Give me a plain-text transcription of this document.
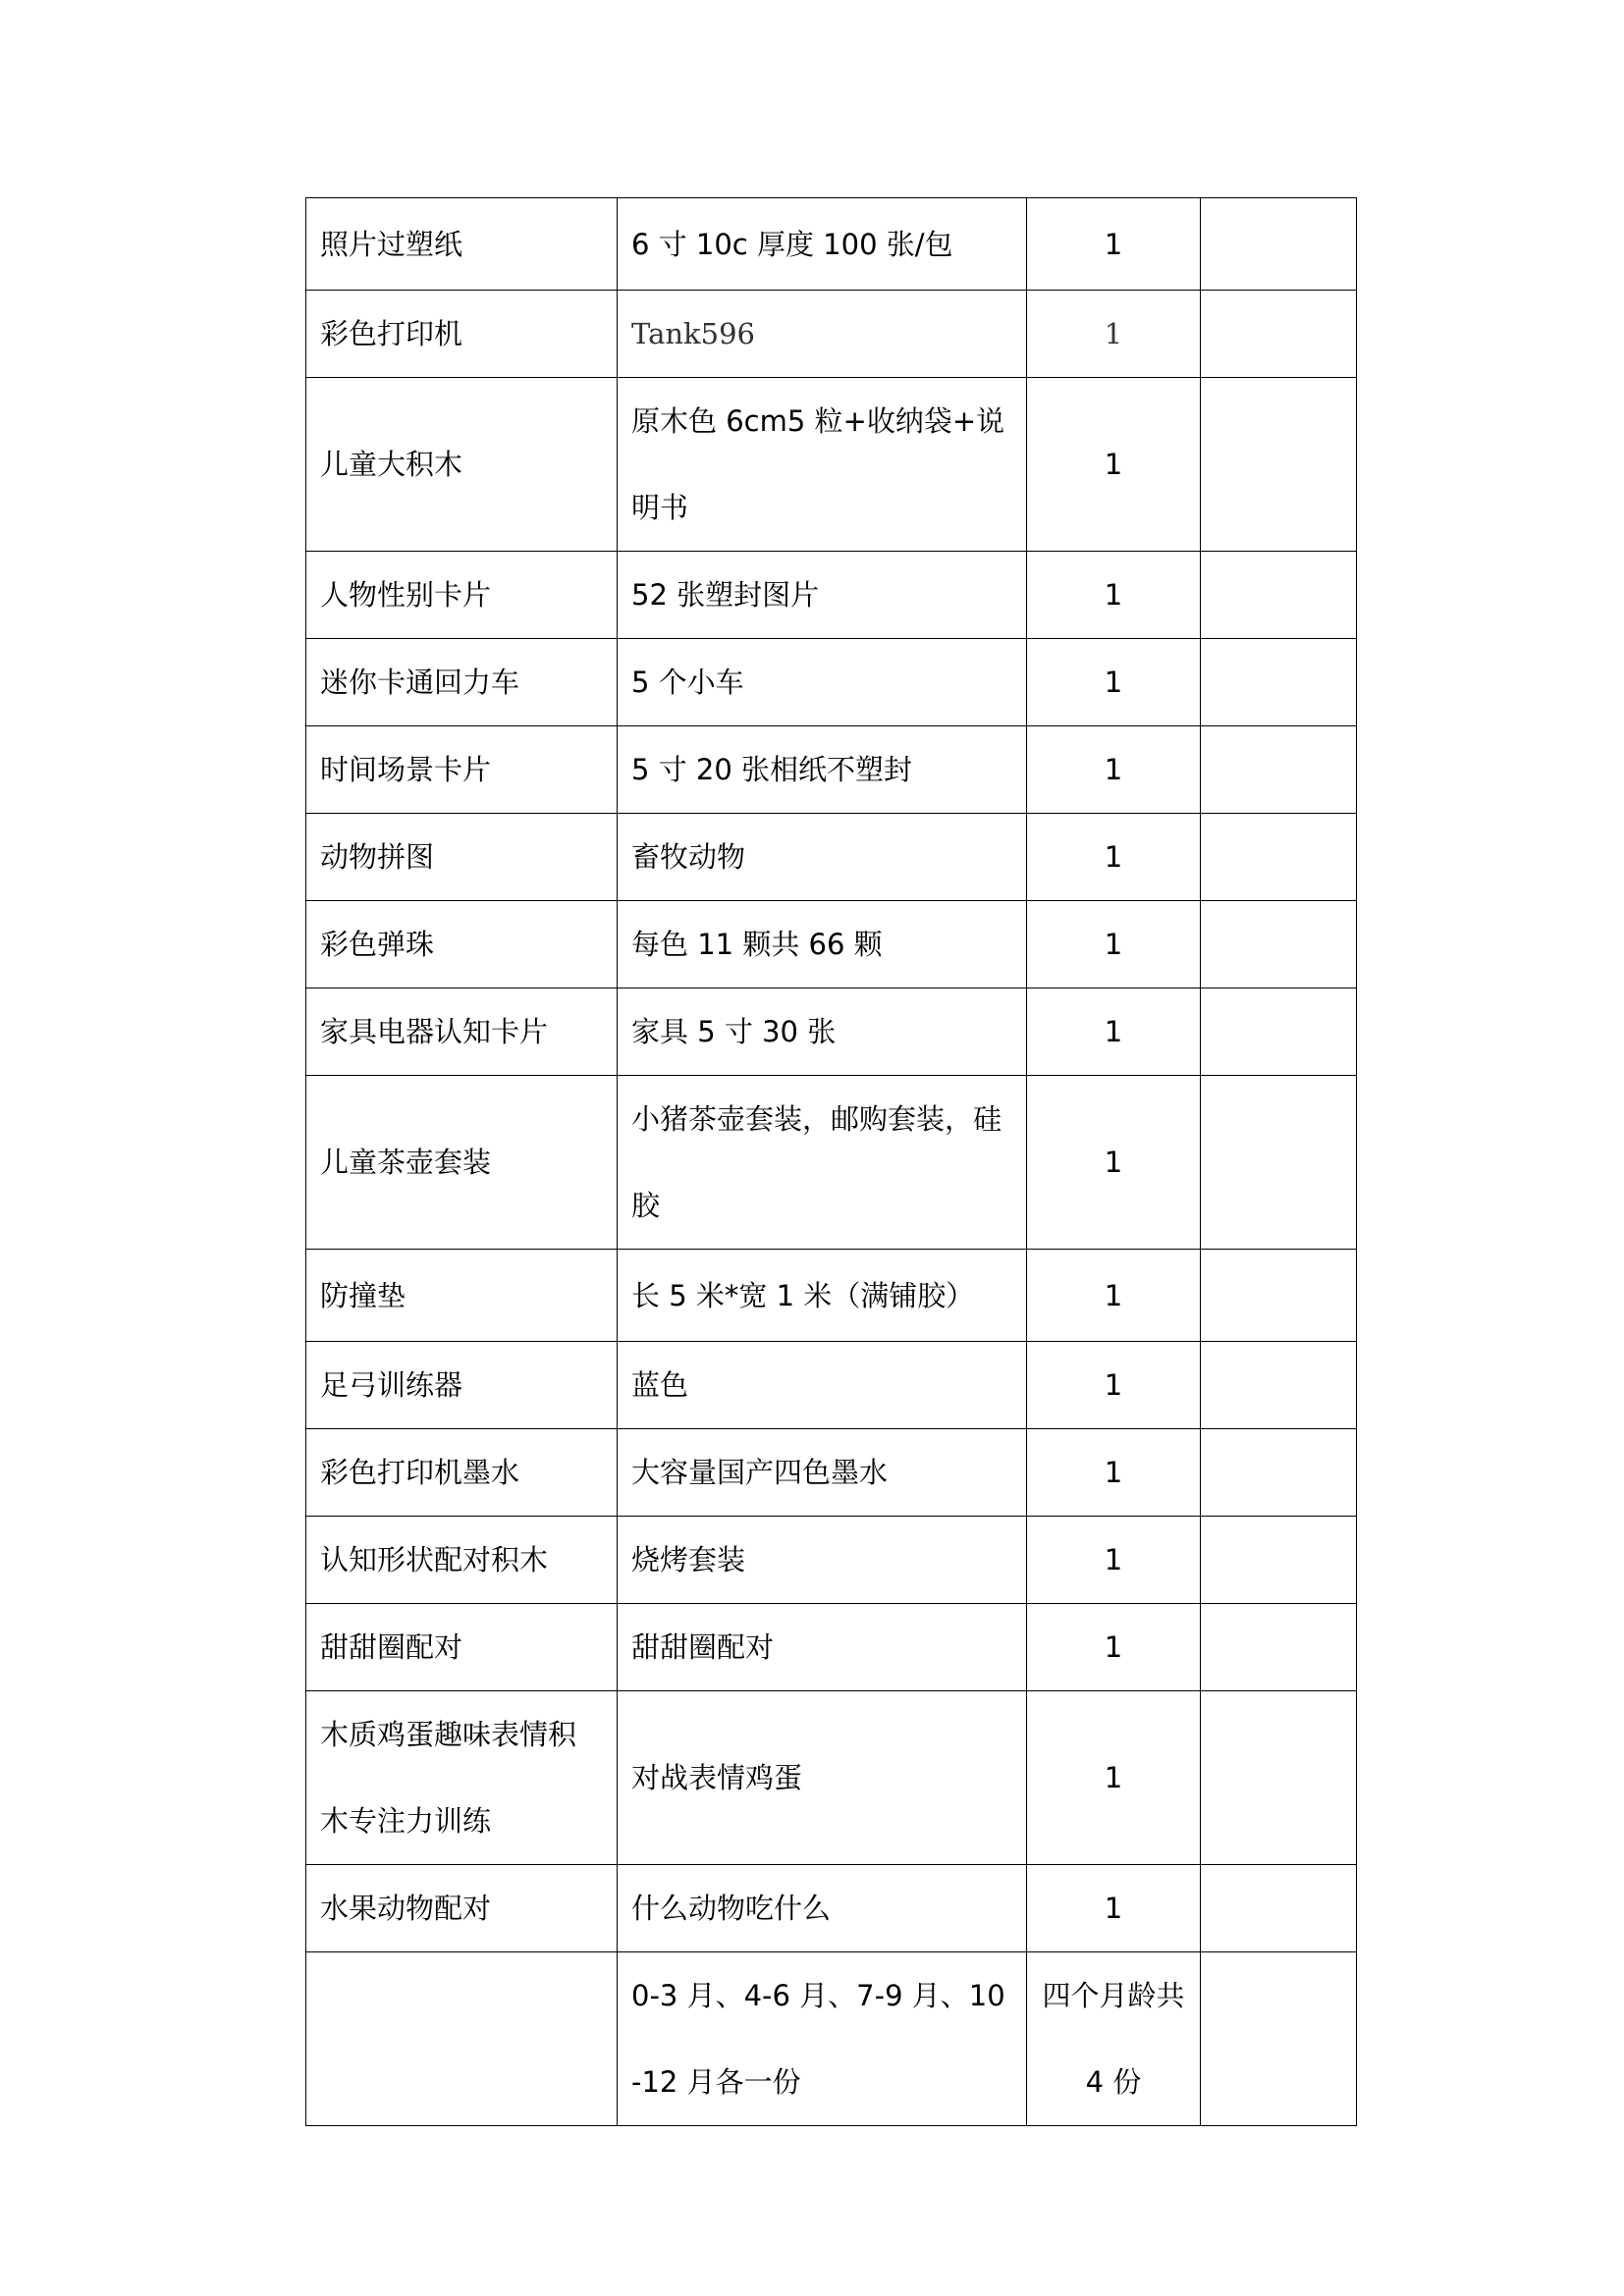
照片过塑纸	6 寸 10c 厚度 100 张/包	1	

彩色打印机	Tank596	1	

儿童大积木	原木色 6cm5 粒+收纳袋+说明书	1	

人物性别卡片	52 张塑封图片	1	

迷你卡通回力车	5 个小车	1	

时间场景卡片	5 寸 20 张相纸不塑封	1	

动物拼图	畜牧动物	1	

彩色弹珠	每色 11 颗共 66 颗	1	

家具电器认知卡片	家具 5 寸 30 张	1	

儿童茶壶套装	小猪茶壶套装，邮购套装，硅胶	1	

防撞垫	长 5 米*宽 1 米（满铺胶）	1	

足弓训练器	蓝色	1	

彩色打印机墨水	大容量国产四色墨水	1	

认知形状配对积木	烧烤套装	1	

甜甜圈配对	甜甜圈配对	1	

木质鸡蛋趣味表情积木专注力训练	对战表情鸡蛋	1	

水果动物配对	什么动物吃什么	1	

	0-3 月、4-6 月、7-9 月、10-12 月各一份	四个月龄共 4 份	
